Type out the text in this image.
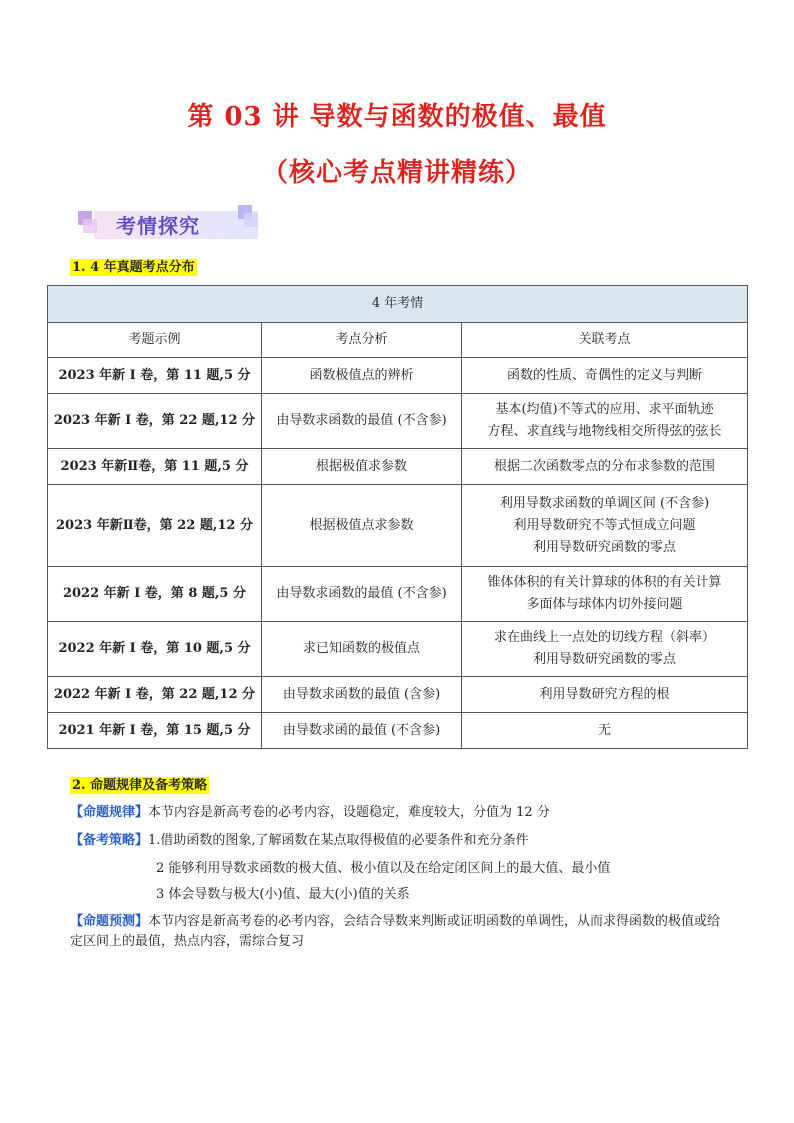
第 03 讲 导数与函数的极值、最值
（核心考点精讲精练）
考情探究
1. 4 年真题考点分布
4 年考情		
考题示例	考点分析	关联考点
2023 年新 I 卷，第 11 题,5 分	函数极值点的辨析	函数的性质、奇偶性的定义与判断

2023 年新 I 卷，第 22 题,12 分	由导数求函数的最值 (不含参)	基本(均值)不等式的应用、求平面轨迹
方程、求直线与地物线相交所得弦的弦长

2023 年新Ⅱ卷，第 11 题,5 分	根据极值求参数	根据二次函数零点的分布求参数的范围

2023 年新Ⅱ卷，第 22 题,12 分	根据极值点求参数	利用导数求函数的单调区间 (不含参)
利用导数研究不等式恒成立问题
利用导数研究函数的零点

2022 年新 I 卷，第 8 题,5 分	由导数求函数的最值 (不含参)	锥体体积的有关计算球的体积的有关计算
多面体与球体内切外接问题

2022 年新 I 卷，第 10 题,5 分	求已知函数的极值点	求在曲线上一点处的切线方程（斜率）
利用导数研究函数的零点

2022 年新 I 卷，第 22 题,12 分	由导数求函数的最值 (含参)	利用导数研究方程的根

2021 年新 I 卷，第 15 题,5 分	由导数求函的最值 (不含参)	无
2. 命题规律及备考策略
【命题规律】本节内容是新高考卷的必考内容，设题稳定，难度较大，分值为 12 分
【备考策略】1.借助函数的图象,了解函数在某点取得极值的必要条件和充分条件
2 能够利用导数求函数的极大值、极小值以及在给定闭区间上的最大值、最小值
3 体会导数与极大(小)值、最大(小)值的关系
【命题预测】本节内容是新高考卷的必考内容，会结合导数来判断或证明函数的单调性，从而求得函数的极值或给定区间上的最值，热点内容，需综合复习
